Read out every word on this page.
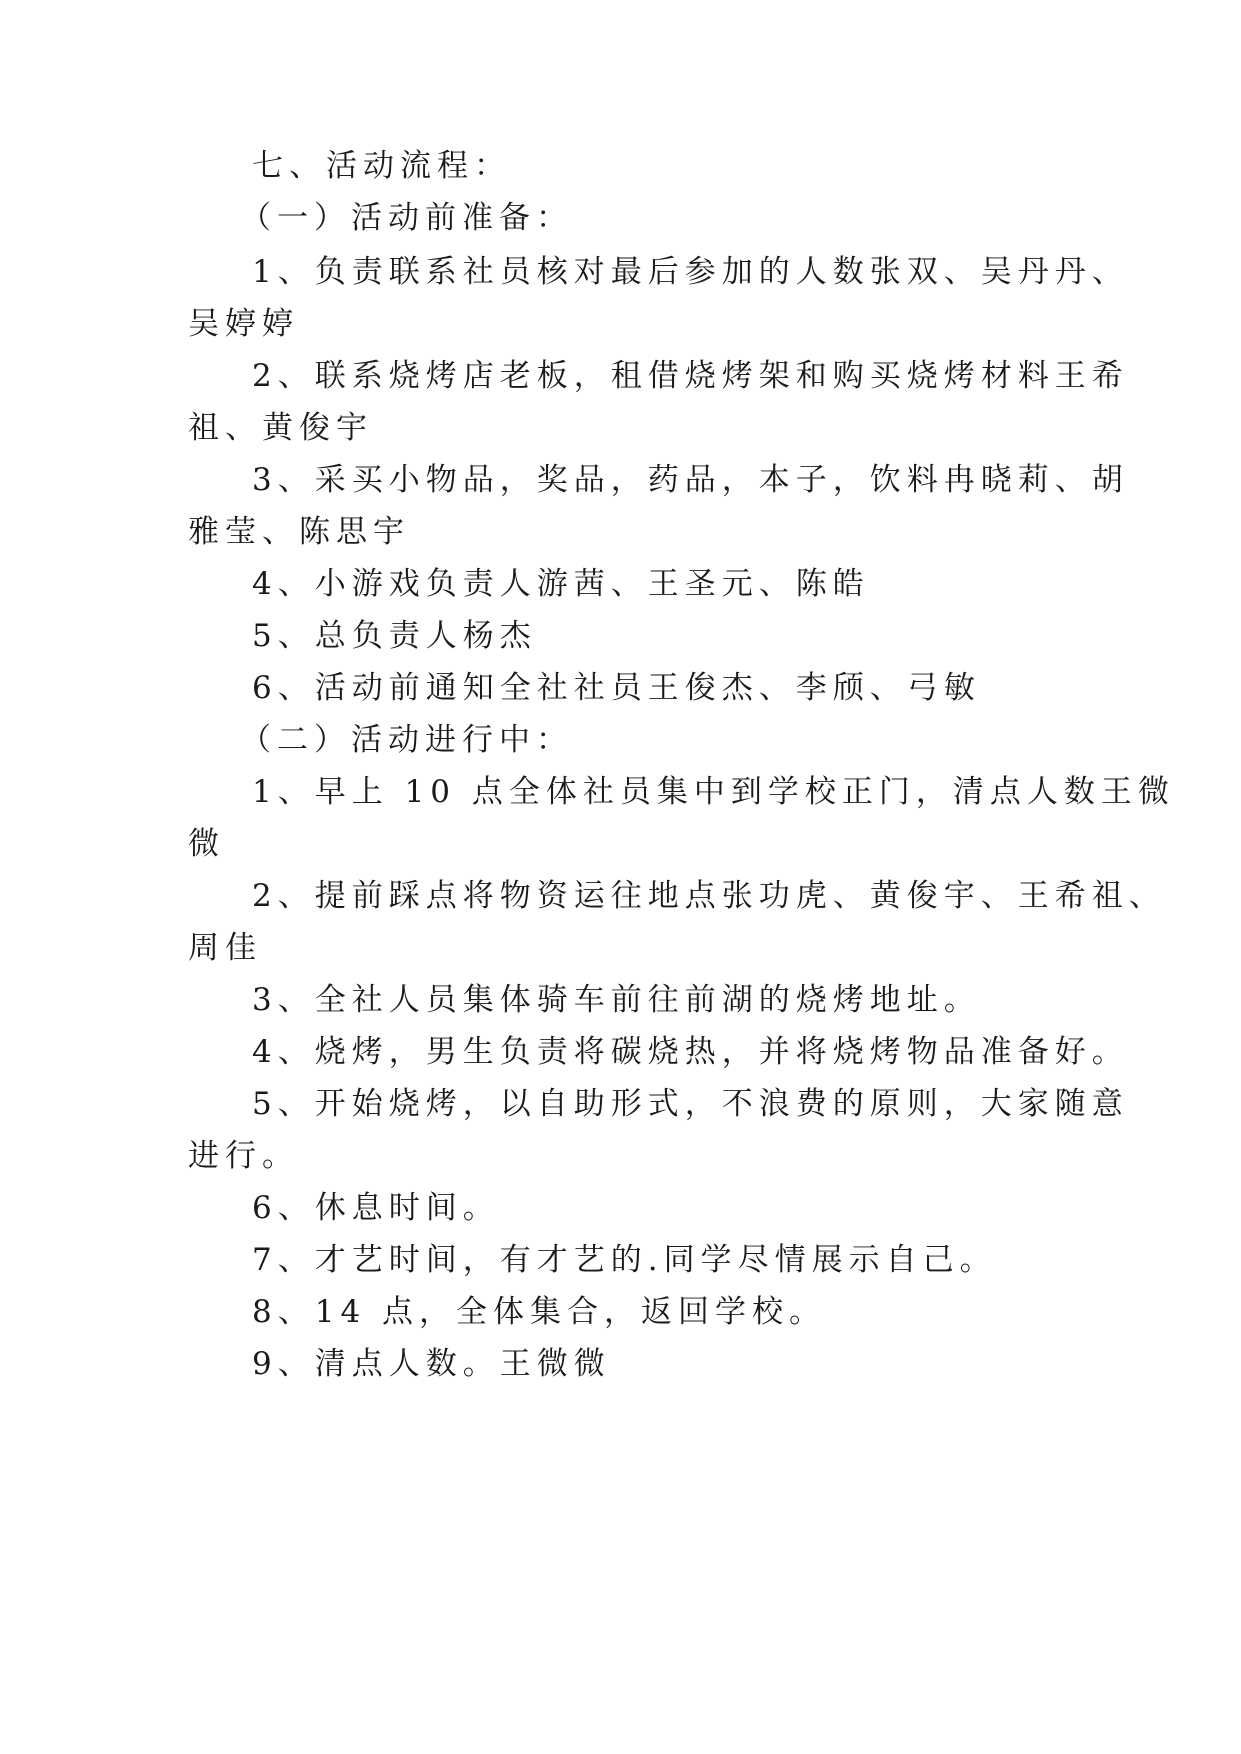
七、活动流程：

（一）活动前准备：

1、负责联系社员核对最后参加的人数张双、吴丹丹、

吴婷婷

2、联系烧烤店老板，租借烧烤架和购买烧烤材料王希

祖、黄俊宇

3、采买小物品，奖品，药品，本子，饮料冉晓莉、胡

雅莹、陈思宇

4、小游戏负责人游茜、王圣元、陈皓

5、总负责人杨杰

6、活动前通知全社社员王俊杰、李颀、弓敏

（二）活动进行中：

1、早上 10 点全体社员集中到学校正门，清点人数王微

微

2、提前踩点将物资运往地点张功虎、黄俊宇、王希祖、

周佳

3、全社人员集体骑车前往前湖的烧烤地址。

4、烧烤，男生负责将碳烧热，并将烧烤物品准备好。

5、开始烧烤，以自助形式，不浪费的原则，大家随意

进行。

6、休息时间。

7、才艺时间，有才艺的.同学尽情展示自己。

8、14 点，全体集合，返回学校。

9、清点人数。王微微
